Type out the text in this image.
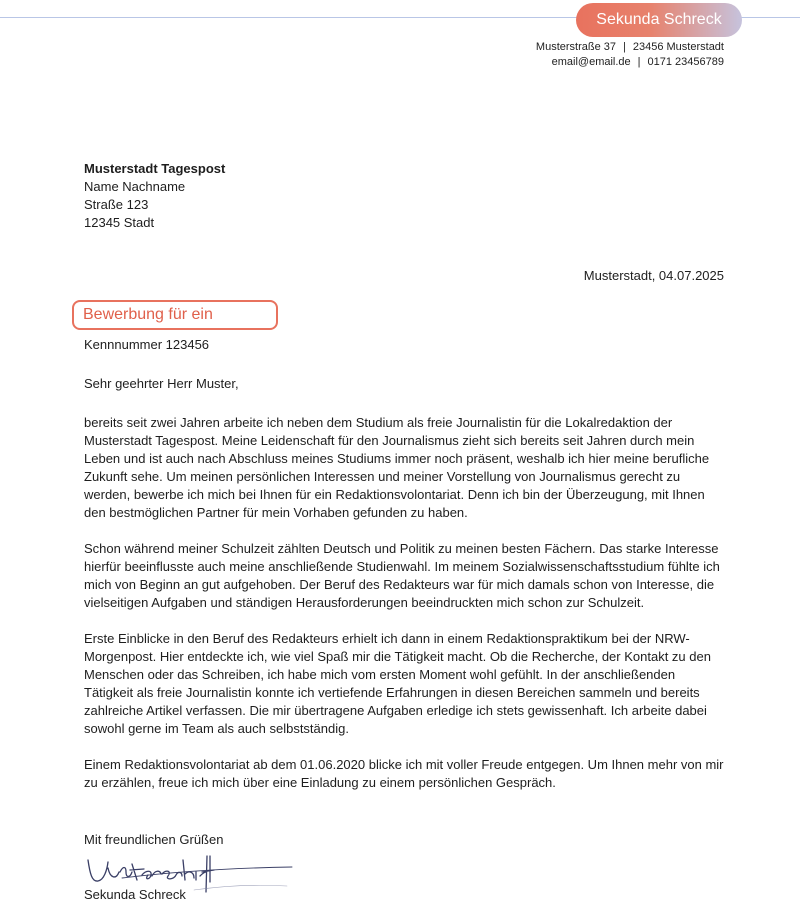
Sekunda Schreck
Musterstraße 37 | 23456 Musterstadt
email@email.de | 0171 23456789
Musterstadt Tagespost
Name Nachname
Straße 123
12345 Stadt
Musterstadt, 04.07.2025
Bewerbung für ein
Kennnummer 123456
Sehr geehrter Herr Muster,

bereits seit zwei Jahren arbeite ich neben dem Studium als freie Journalistin für die Lokalredaktion der Musterstadt Tagespost. Meine Leidenschaft für den Journalismus zieht sich bereits seit Jahren durch mein Leben und ist auch nach Abschluss meines Studiums immer noch präsent, weshalb ich hier meine berufliche Zukunft sehe. Um meinen persönlichen Interessen und meiner Vorstellung von Journalismus gerecht zu werden, bewerbe ich mich bei Ihnen für ein Redaktionsvolontariat. Denn ich bin der Überzeugung, mit Ihnen den bestmöglichen Partner für mein Vorhaben gefunden zu haben.

Schon während meiner Schulzeit zählten Deutsch und Politik zu meinen besten Fächern. Das starke Interesse hierfür beeinflusste auch meine anschließende Studienwahl. Im meinem Sozialwissenschaftsstudium fühlte ich mich von Beginn an gut aufgehoben. Der Beruf des Redakteurs war für mich damals schon von Interesse, die vielseitigen Aufgaben und ständigen Herausforderungen beeindruckten mich schon zur Schulzeit.

Erste Einblicke in den Beruf des Redakteurs erhielt ich dann in einem Redaktionspraktikum bei der NRW-Morgenpost. Hier entdeckte ich, wie viel Spaß mir die Tätigkeit macht. Ob die Recherche, der Kontakt zu den Menschen oder das Schreiben, ich habe mich vom ersten Moment wohl gefühlt. In der anschließenden Tätigkeit als freie Journalistin konnte ich vertiefende Erfahrungen in diesen Bereichen sammeln und bereits zahlreiche Artikel verfassen. Die mir übertragene Aufgaben erledige ich stets gewissenhaft. Ich arbeite dabei sowohl gerne im Team als auch selbstständig.

Einem Redaktionsvolontariat ab dem 01.06.2020 blicke ich mit voller Freude entgegen. Um Ihnen mehr von mir zu erzählen, freue ich mich über eine Einladung zu einem persönlichen Gespräch.

Mit freundlichen Grüßen
Sekunda Schreck
